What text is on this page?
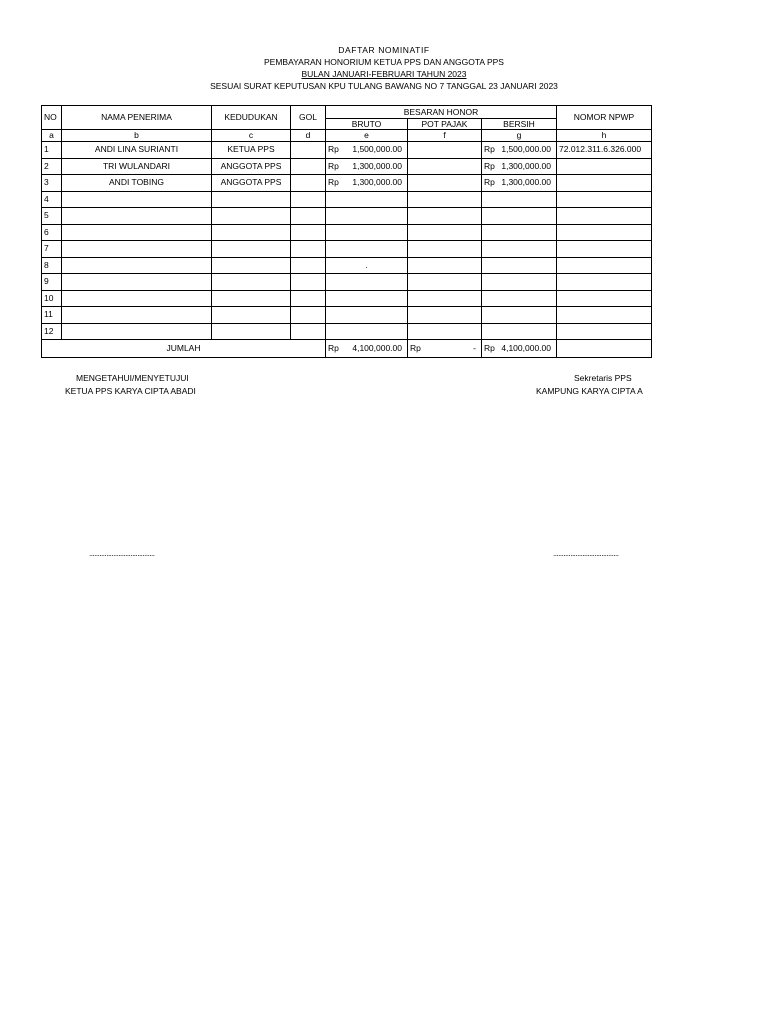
DAFTAR NOMINATIF
PEMBAYARAN HONORIUM KETUA PPS DAN ANGGOTA PPS
BULAN JANUARI-FEBRUARI TAHUN 2023
SESUAI SURAT KEPUTUSAN KPU TULANG BAWANG NO 7 TANGGAL 23 JANUARI 2023
NO	NAMA PENERIMA	KEDUDUKAN	GOL	BESARAN HONOR			NOMOR NPWP
				BRUTO	POT PAJAK	BERSIH	
a	b	c	d	e	f	g	h
1	ANDI LINA SURIANTI	KETUA PPS		Rp 1,500,000.00		Rp 1,500,000.00	72.012.311.6.326.000
2	TRI WULANDARI	ANGGOTA PPS		Rp 1,300,000.00		Rp 1,300,000.00	

3	ANDI TOBING	ANGGOTA PPS		Rp 1,300,000.00		Rp 1,300,000.00	

4							
5							
6							
7							
8				.			
9							
10							
11							
12							
JUMLAH				Rp 4,100,000.00	Rp -	Rp 4,100,000.00	

MENGETAHUI/MENYETUJUI
KETUA PPS KARYA CIPTA ABADI
Sekretaris PPS
KAMPUNG KARYA CIPTA A
......................................	......................................
